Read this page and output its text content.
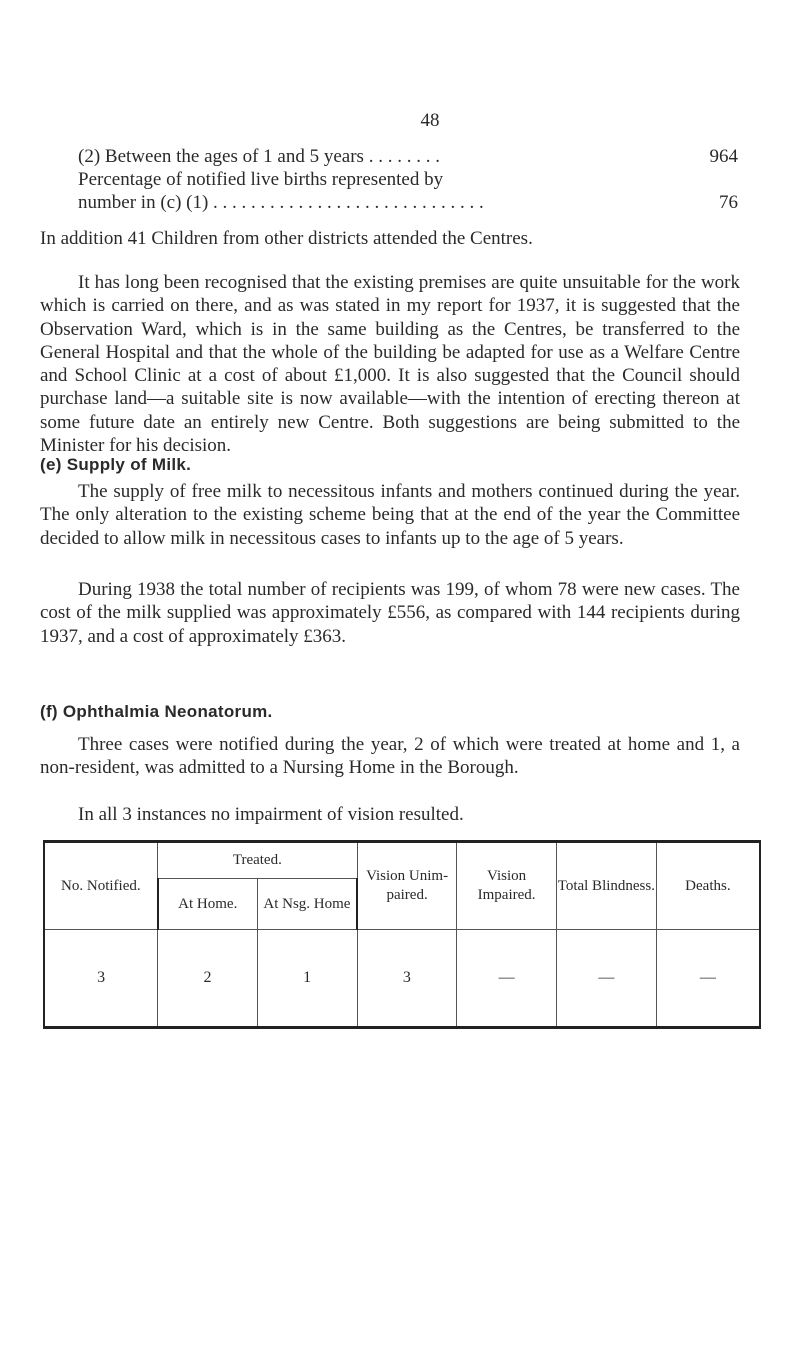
48
(2) Between the ages of 1 and 5 years . . . . . . . .	964
Percentage of notified live births represented by
number in (c) (1) . . . . . . . . . . . . . . . . . . . . . . . . . . . . .	76

In addition 41 Children from other districts attended the Centres.

It has long been recognised that the existing premises are quite unsuitable for the work which is carried on there, and as was stated in my report for 1937, it is suggested that the Observation Ward, which is in the same building as the Centres, be transferred to the General Hospital and that the whole of the building be adapted for use as a Welfare Centre and School Clinic at a cost of about £1,000. It is also suggested that the Council should purchase land—a suitable site is now available—with the intention of erecting thereon at some future date an entirely new Centre. Both suggestions are being submitted to the Minister for his decision.

(e) Supply of Milk.

The supply of free milk to necessitous infants and mothers continued during the year. The only alteration to the existing scheme being that at the end of the year the Committee decided to allow milk in necessitous cases to infants up to the age of 5 years.

During 1938 the total number of recipients was 199, of whom 78 were new cases. The cost of the milk supplied was approximately £556, as compared with 144 recipients during 1937, and a cost of approximately £363.

(f) Ophthalmia Neonatorum.

Three cases were notified during the year, 2 of which were treated at home and 1, a non-resident, was admitted to a Nursing Home in the Borough.

In all 3 instances no impairment of vision resulted.

No. Notified.	Treated.		Vision Unim- paired.	Vision Impaired.	Total Blindness.	Deaths.
	At Home.	At Nsg. Home				
3	2	1	3	—	—	—
